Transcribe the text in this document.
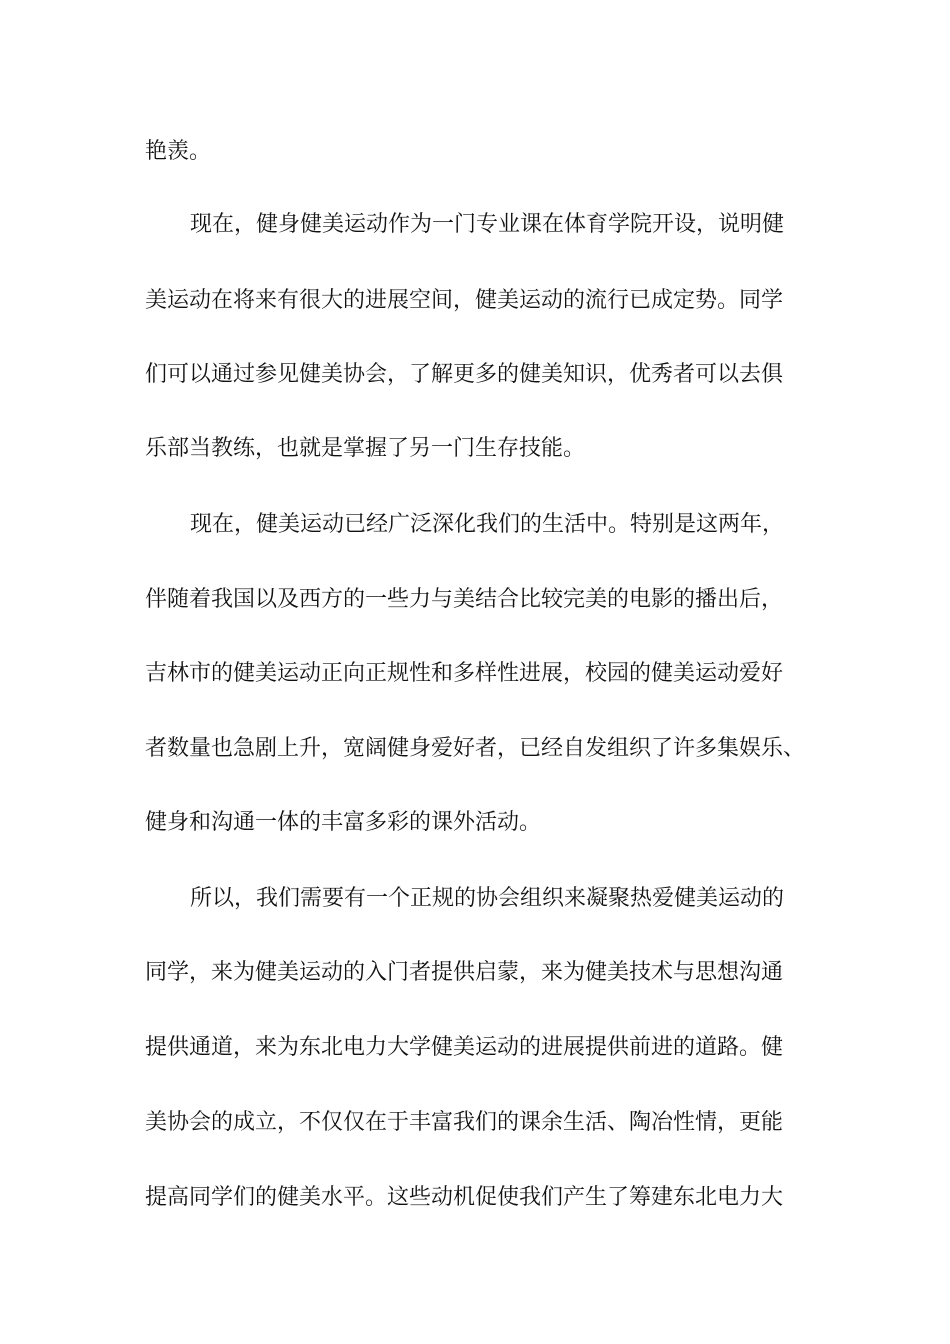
艳羡。
现在，健身健美运动作为一门专业课在体育学院开设，说明健
美运动在将来有很大的进展空间，健美运动的流行已成定势。同学
们可以通过参见健美协会，了解更多的健美知识，优秀者可以去俱
乐部当教练，也就是掌握了另一门生存技能。
现在，健美运动已经广泛深化我们的生活中。特别是这两年，
伴随着我国以及西方的一些力与美结合比较完美的电影的播出后，
吉林市的健美运动正向正规性和多样性进展，校园的健美运动爱好
者数量也急剧上升，宽阔健身爱好者，已经自发组织了许多集娱乐、
健身和沟通一体的丰富多彩的课外活动。
所以，我们需要有一个正规的协会组织来凝聚热爱健美运动的
同学，来为健美运动的入门者提供启蒙，来为健美技术与思想沟通
提供通道，来为东北电力大学健美运动的进展提供前进的道路。健
美协会的成立，不仅仅在于丰富我们的课余生活、陶冶性情，更能
提高同学们的健美水平。这些动机促使我们产生了筹建东北电力大
